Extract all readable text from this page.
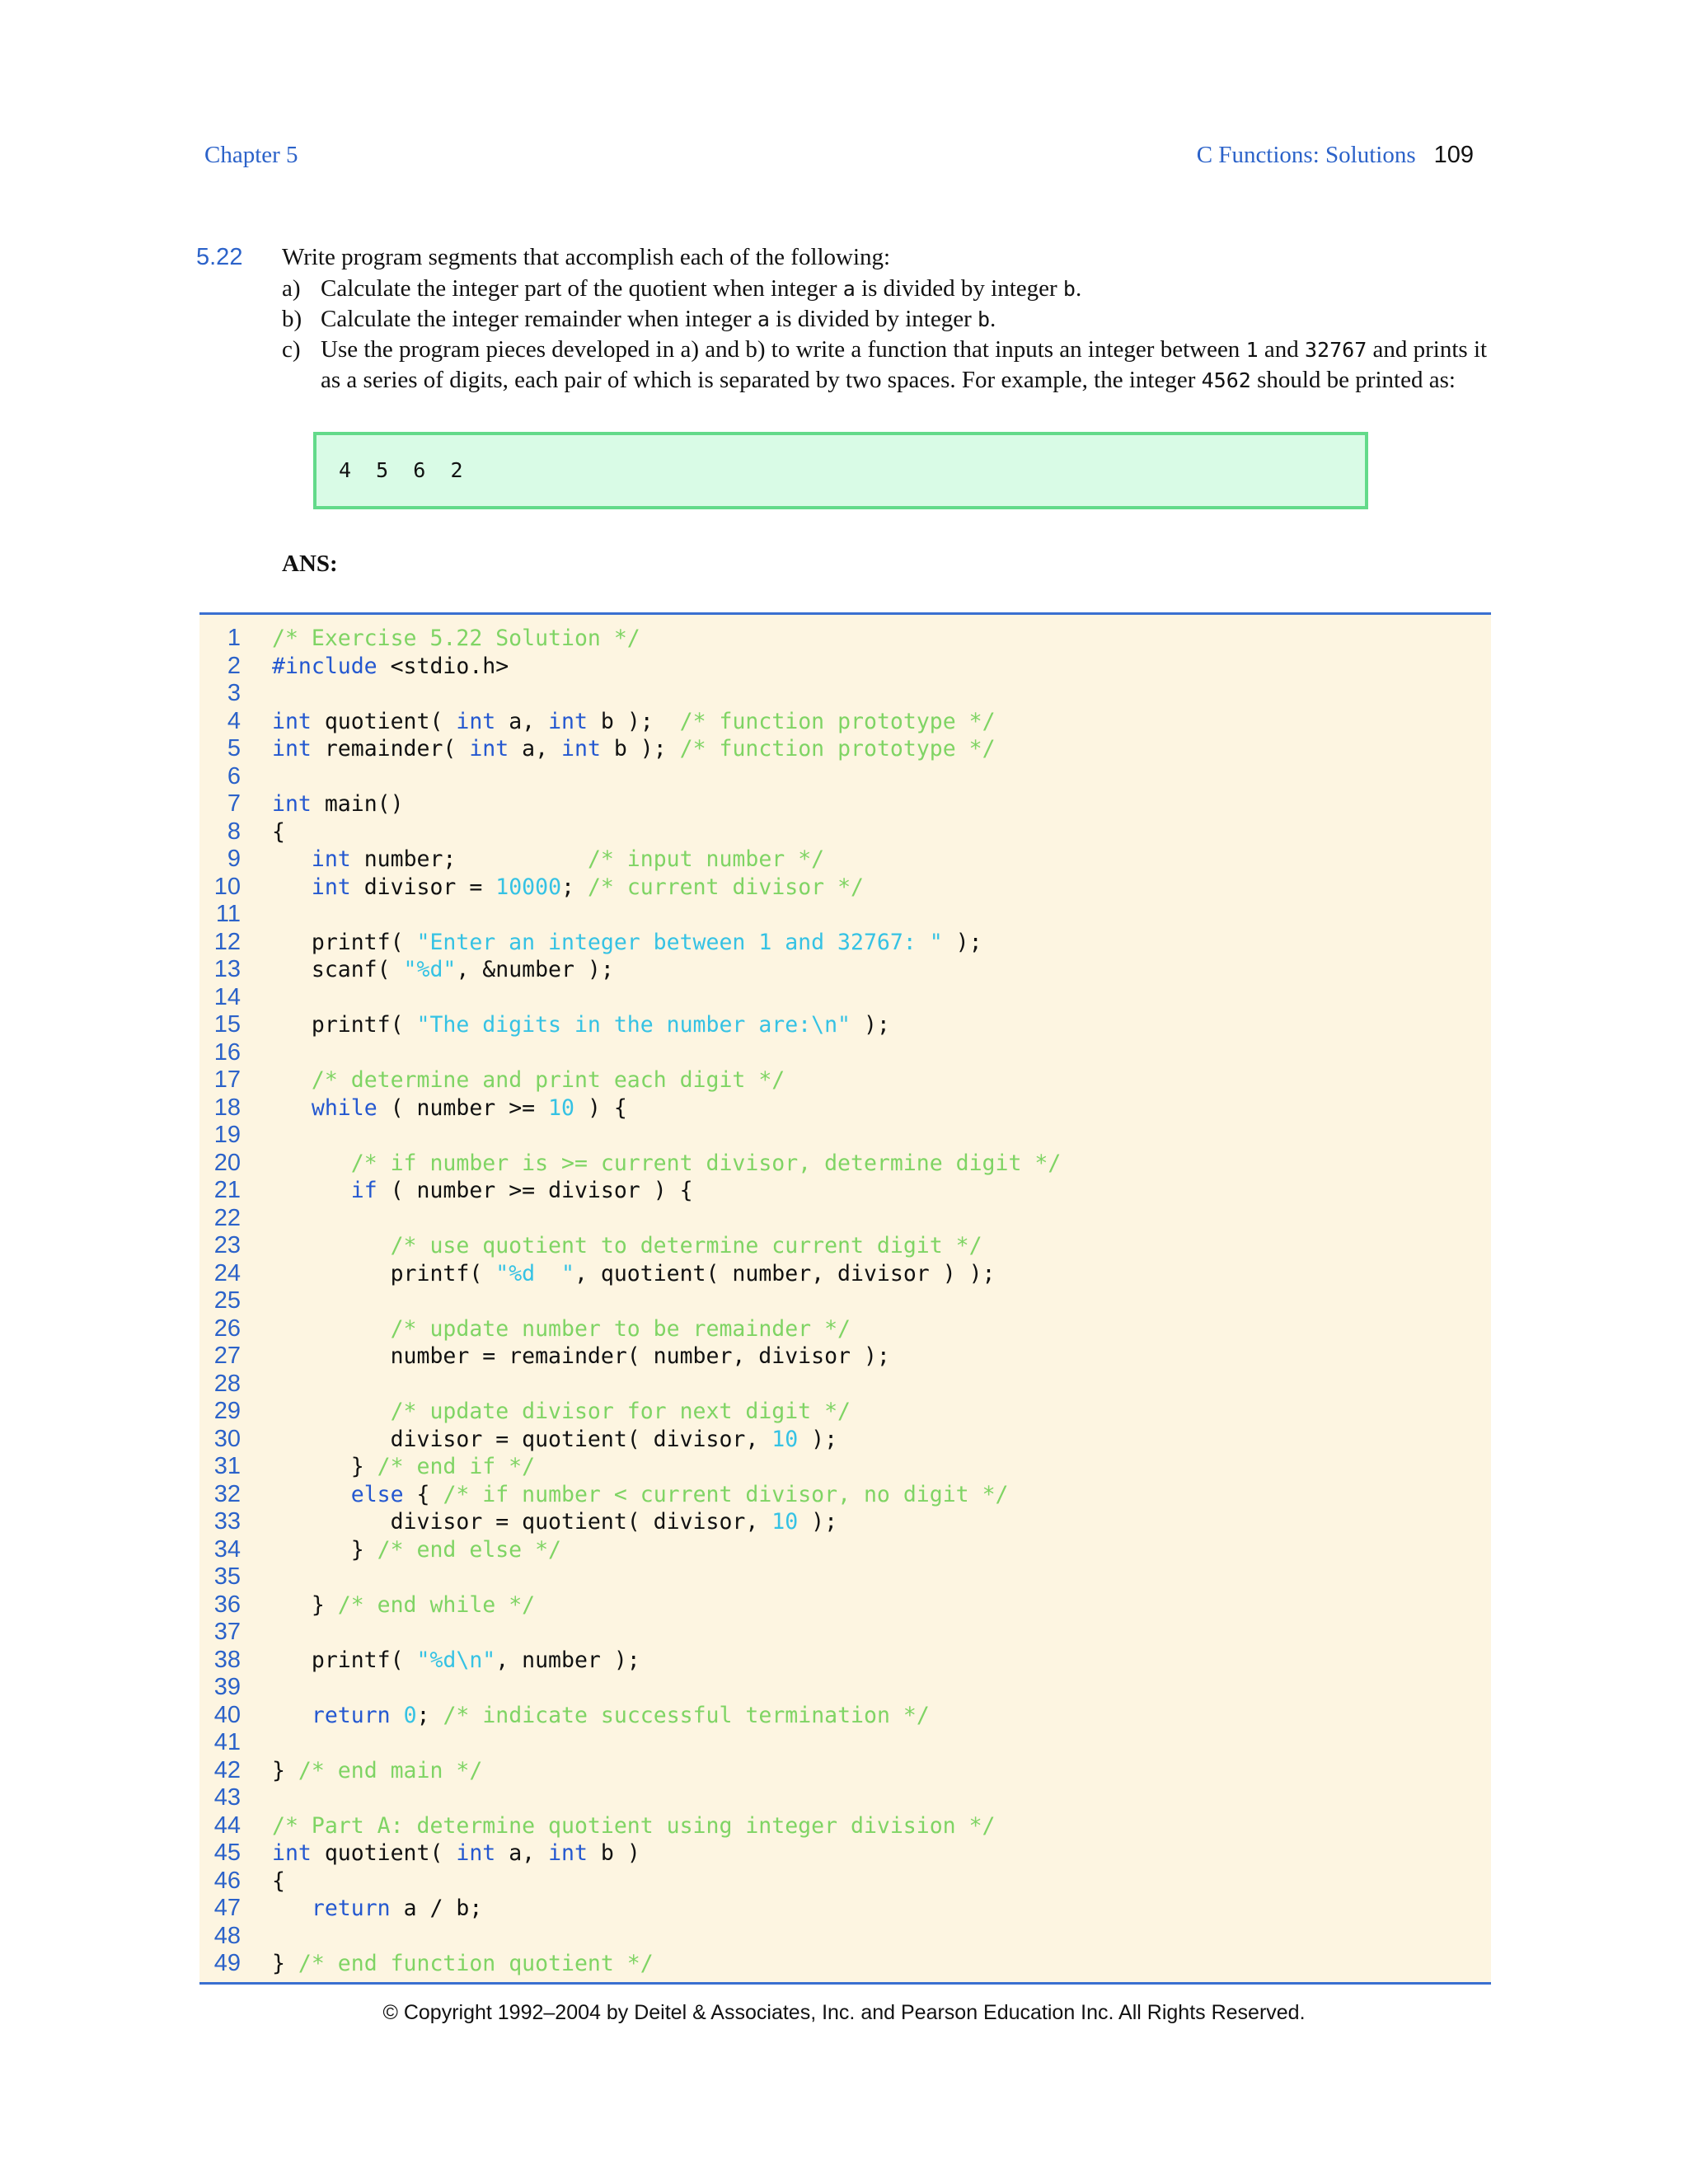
Chapter 5	C Functions: Solutions 109
5.22 Write program segments that accomplish each of the following:
a) Calculate the integer part of the quotient when integer a is divided by integer b.
b) Calculate the integer remainder when integer a is divided by integer b.
c) Use the program pieces developed in a) and b) to write a function that inputs an integer between 1 and 32767 and prints it as a series of digits, each pair of which is separated by two spaces. For example, the integer 4562 should be printed as:
4  5  6  2
ANS:
1 /* Exercise 5.22 Solution */
2 #include <stdio.h>
3
4 int quotient( int a, int b );  /* function prototype */
5 int remainder( int a, int b ); /* function prototype */
6
7 int main()
8 {
9	int number;          /* input number */
10	int divisor = 10000; /* current divisor */
11
12 printf( "Enter an integer between 1 and 32767: " );
13 scanf( "%d", &number );
14
15 printf( "The digits in the number are:\n" );
16
17	/* determine and print each digit */
18	while ( number >= 10 ) {
19
20	/* if number is >= current divisor, determine digit */
21	if ( number >= divisor ) {
22
23	/* use quotient to determine current digit */
24 printf( "%d  ", quotient( number, divisor ) );
25
26	/* update number to be remainder */
27 number = remainder( number, divisor );
28
29	/* update divisor for next digit */
30 divisor = quotient( divisor, 10 );
31 } /* end if */
32	else { /* if number < current divisor, no digit */
33 divisor = quotient( divisor, 10 );
34 } /* end else */
35
36 } /* end while */
37
38 printf( "%d\n", number );
39
40	return 0; /* indicate successful termination */
41
42 } /* end main */
43
44 /* Part A: determine quotient using integer division */
45 int quotient( int a, int b )
46 {
47	return a / b;
48
49 } /* end function quotient */
© Copyright 1992–2004 by Deitel & Associates, Inc. and Pearson Education Inc. All Rights Reserved.
